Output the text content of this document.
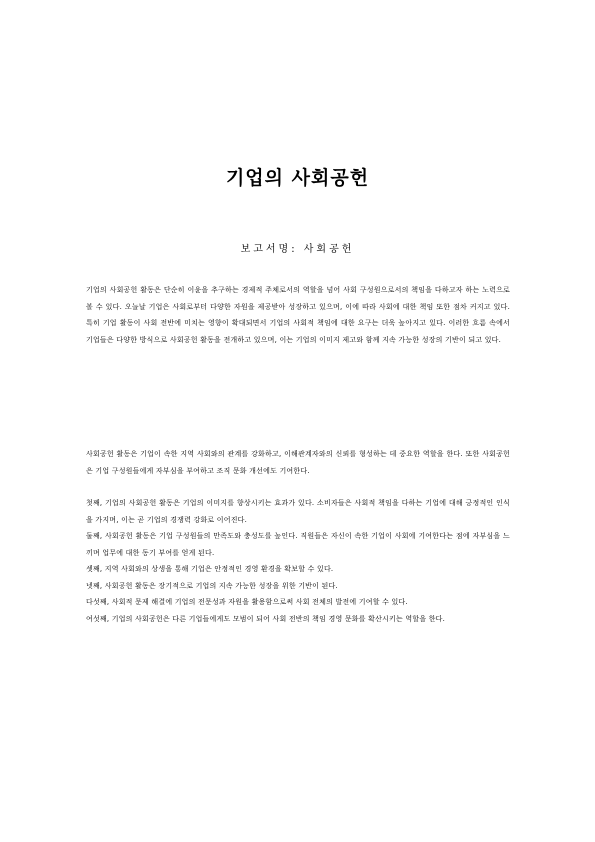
기업의 사회공헌
보고서명: 사회공헌

기업의 사회공헌 활동은 단순히 이윤을 추구하는 경제적 주체로서의 역할을 넘어 사회 구성원으로서의 책임을 다하고자 하는 노력으로 볼 수 있다. 오늘날 기업은 사회로부터 다양한 자원을 제공받아 성장하고 있으며, 이에 따라 사회에 대한 책임 또한 점차 커지고 있다. 특히 기업 활동이 사회 전반에 미치는 영향이 확대되면서 기업의 사회적 책임에 대한 요구는 더욱 높아지고 있다. 이러한 흐름 속에서 기업들은 다양한 방식으로 사회공헌 활동을 전개하고 있으며, 이는 기업의 이미지 제고와 함께 지속 가능한 성장의 기반이 되고 있다.

사회공헌 활동은 기업이 속한 지역 사회와의 관계를 강화하고, 이해관계자와의 신뢰를 형성하는 데 중요한 역할을 한다. 또한 사회공헌은 기업 구성원들에게 자부심을 부여하고 조직 문화 개선에도 기여한다.

첫째, 기업의 사회공헌 활동은 기업의 이미지를 향상시키는 효과가 있다. 소비자들은 사회적 책임을 다하는 기업에 대해 긍정적인 인식을 가지며, 이는 곧 기업의 경쟁력 강화로 이어진다.

둘째, 사회공헌 활동은 기업 구성원들의 만족도와 충성도를 높인다. 직원들은 자신이 속한 기업이 사회에 기여한다는 점에 자부심을 느끼며 업무에 대한 동기 부여를 얻게 된다.

셋째, 지역 사회와의 상생을 통해 기업은 안정적인 경영 환경을 확보할 수 있다.

넷째, 사회공헌 활동은 장기적으로 기업의 지속 가능한 성장을 위한 기반이 된다.

다섯째, 사회적 문제 해결에 기업의 전문성과 자원을 활용함으로써 사회 전체의 발전에 기여할 수 있다.

여섯째, 기업의 사회공헌은 다른 기업들에게도 모범이 되어 사회 전반의 책임 경영 문화를 확산시키는 역할을 한다.
